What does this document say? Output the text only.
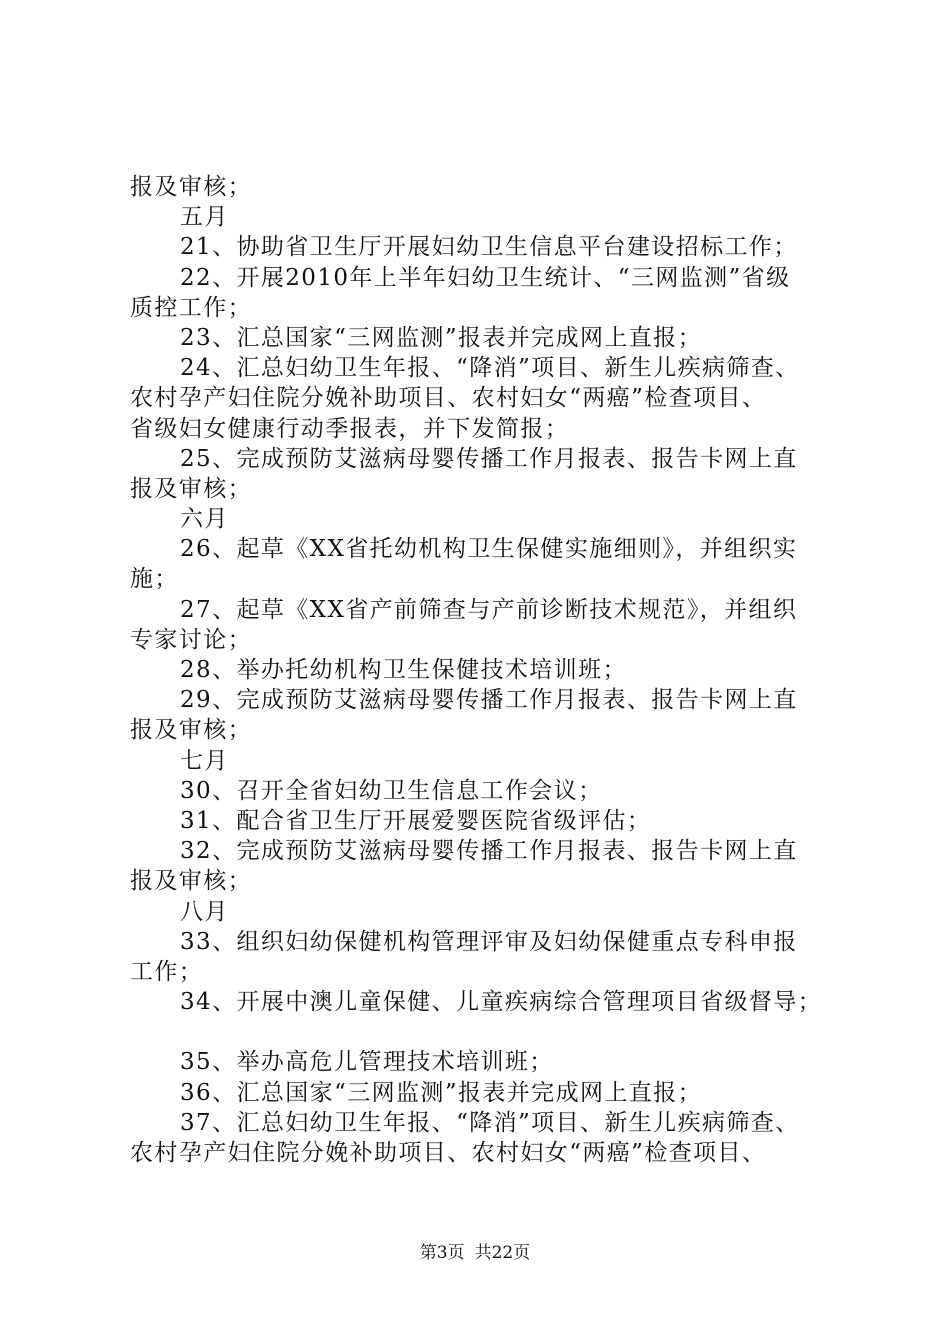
报及审核；
五月
21、协助省卫生厅开展妇幼卫生信息平台建设招标工作；
22、开展2010年上半年妇幼卫生统计、“三网监测”省级
质控工作；
23、汇总国家“三网监测”报表并完成网上直报；
24、汇总妇幼卫生年报、“降消”项目、新生儿疾病筛查、
农村孕产妇住院分娩补助项目、农村妇女“两癌”检查项目、
省级妇女健康行动季报表，并下发简报；
25、完成预防艾滋病母婴传播工作月报表、报告卡网上直
报及审核；
六月
26、起草《XX省托幼机构卫生保健实施细则》，并组织实
施；
27、起草《XX省产前筛查与产前诊断技术规范》，并组织
专家讨论；
28、举办托幼机构卫生保健技术培训班；
29、完成预防艾滋病母婴传播工作月报表、报告卡网上直
报及审核；
七月
30、召开全省妇幼卫生信息工作会议；
31、配合省卫生厅开展爱婴医院省级评估；
32、完成预防艾滋病母婴传播工作月报表、报告卡网上直
报及审核；
八月
33、组织妇幼保健机构管理评审及妇幼保健重点专科申报
工作；
34、开展中澳儿童保健、儿童疾病综合管理项目省级督导；
35、举办高危儿管理技术培训班；
36、汇总国家“三网监测”报表并完成网上直报；
37、汇总妇幼卫生年报、“降消”项目、新生儿疾病筛查、
农村孕产妇住院分娩补助项目、农村妇女“两癌”检查项目、
第3页 共22页
